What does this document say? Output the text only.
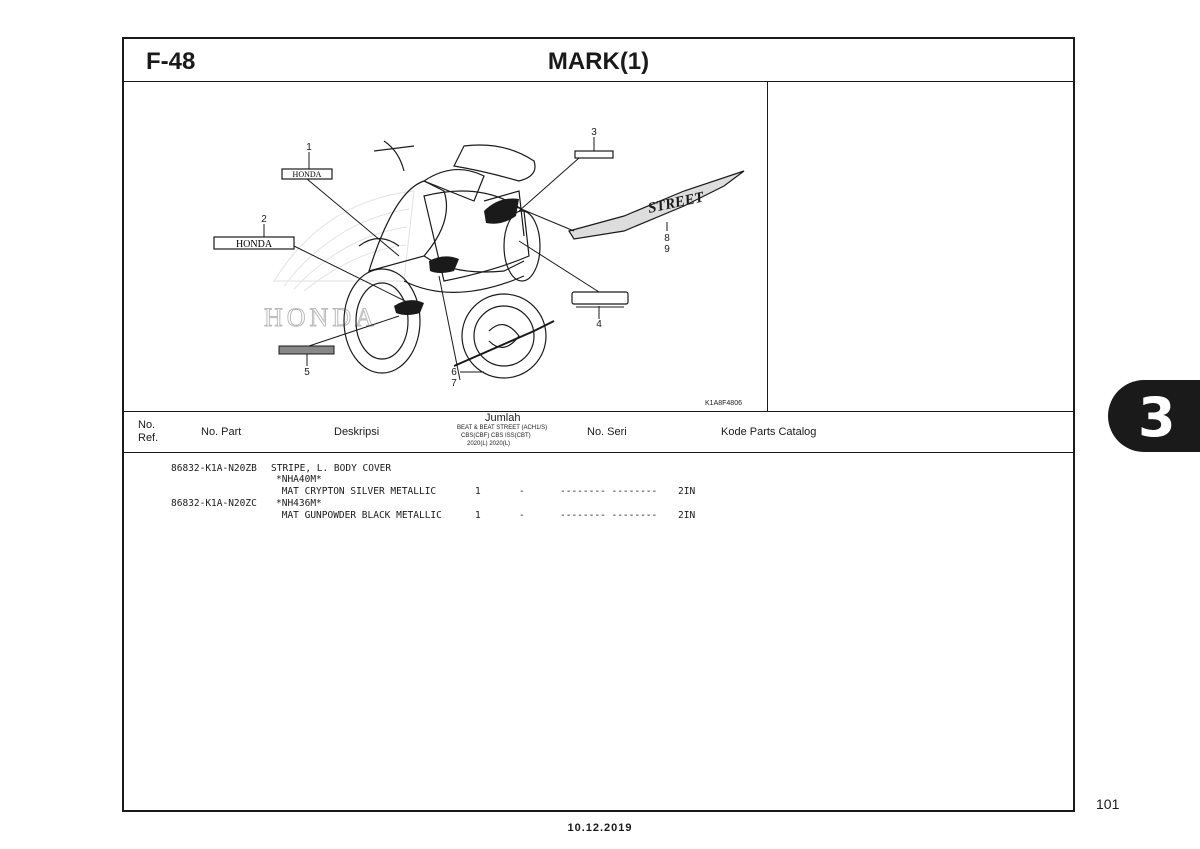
F-48	MARK(1)
HONDA
HONDA
HONDA
STREET
1
2
3
4
5	6
7
8
9
K1A8F4806
No.
Ref.	No. Part	Deskripsi
Jumlah
BEAT & BEAT STREET (ACH1/S)
CBS(CBF) CBS ISS(CBT)
2020(L) 2020(L)
No. Seri	Kode Parts Catalog
86832-K1A-N20ZB STRIPE, L. BODY COVER
*NHA40M*
MAT CRYPTON SILVER METALLIC	1	-	-------- -------- 2IN
86832-K1A-N20ZC *NH436M*
MAT GUNPOWDER BLACK METALLIC	1	-	-------- -------- 2IN
3
101
10.12.2019
